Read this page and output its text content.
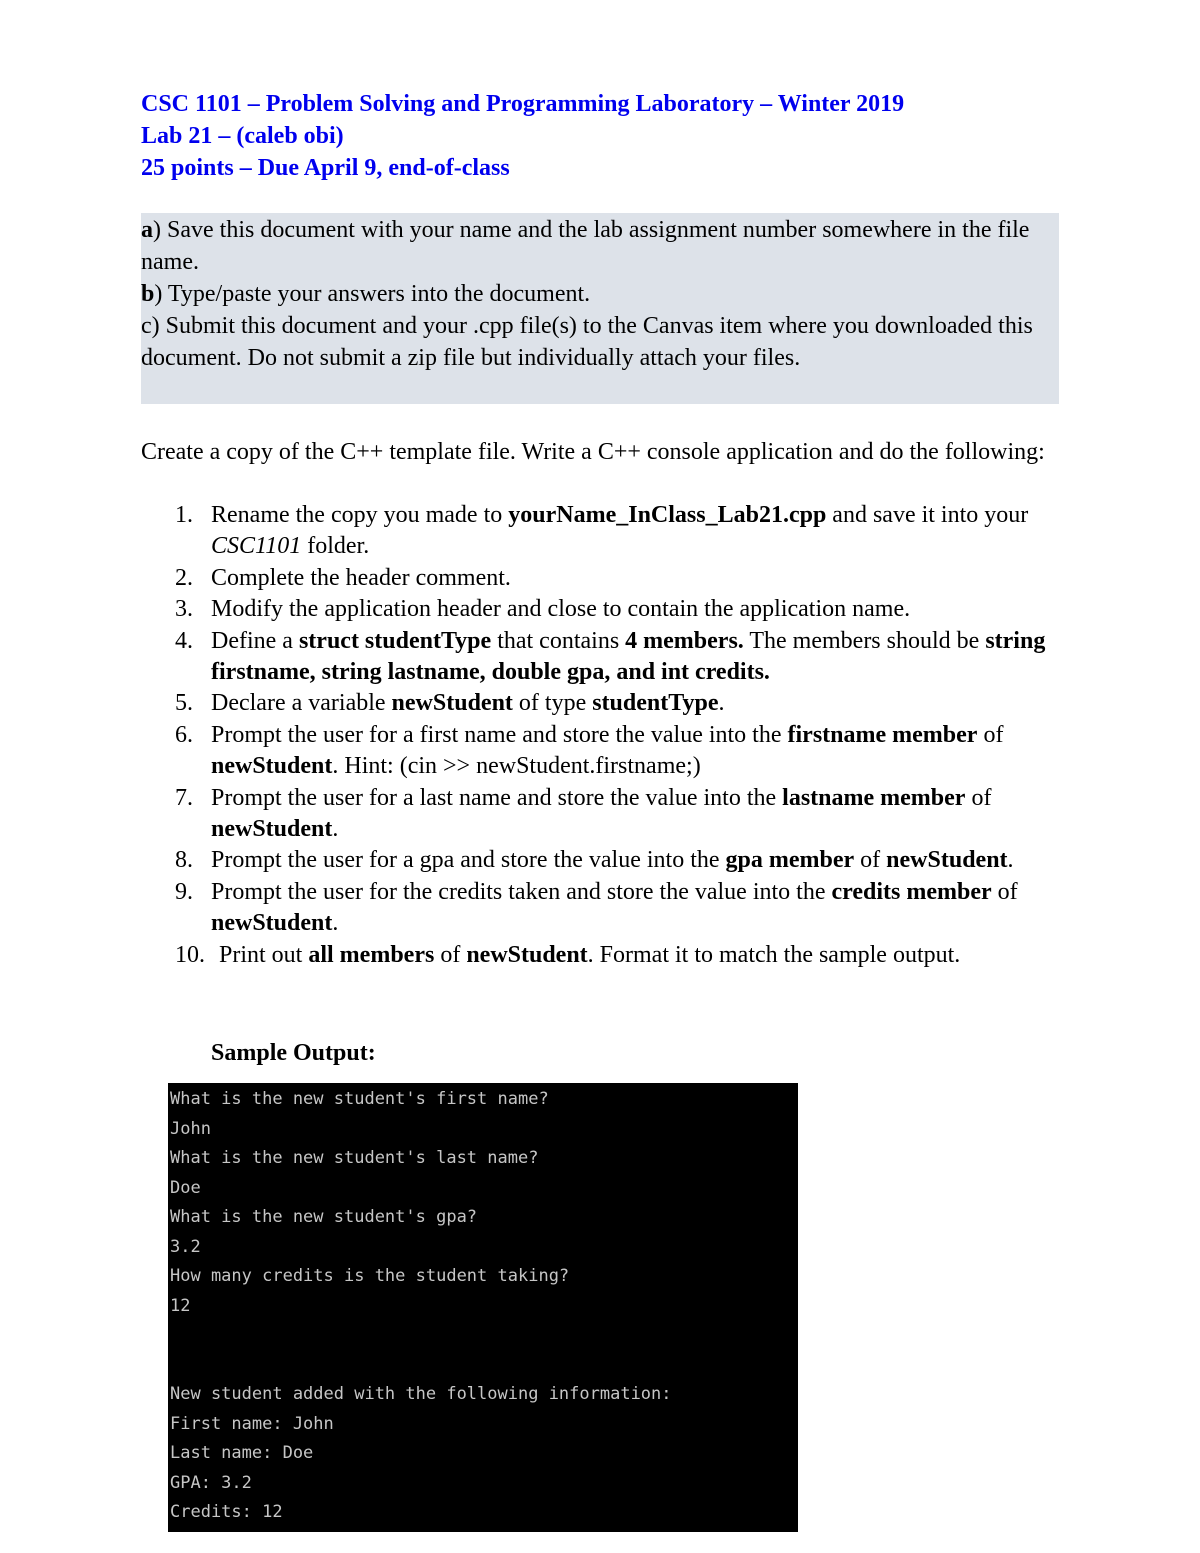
CSC 1101 – Problem Solving and Programming Laboratory – Winter 2019
Lab 21 – (caleb obi)
25 points – Due April 9, end-of-class

a) Save this document with your name and the lab assignment number somewhere in the file name.

b) Type/paste your answers into the document.

c) Submit this document and your .cpp file(s) to the Canvas item where you downloaded this document. Do not submit a zip file but individually attach your files.

Create a copy of the C++ template file. Write a C++ console application and do the following:
1. Rename the copy you made to yourName_InClass_Lab21.cpp and save it into your CSC1101 folder.
2. Complete the header comment.
3. Modify the application header and close to contain the application name.
4. Define a struct studentType that contains 4 members. The members should be string firstname, string lastname, double gpa, and int credits.
5. Declare a variable newStudent of type studentType.
6. Prompt the user for a first name and store the value into the firstname member of newStudent. Hint: (cin >> newStudent.firstname;)
7. Prompt the user for a last name and store the value into the lastname member of newStudent.
8. Prompt the user for a gpa and store the value into the gpa member of newStudent.
9. Prompt the user for the credits taken and store the value into the credits member of newStudent.
10. Print out all members of newStudent. Format it to match the sample output.
Sample Output:
What is the new student's first name?
John
What is the new student's last name?
Doe
What is the new student's gpa?
3.2
How many credits is the student taking?
12
New student added with the following information:
First name: John
Last name: Doe
GPA: 3.2
Credits: 12
